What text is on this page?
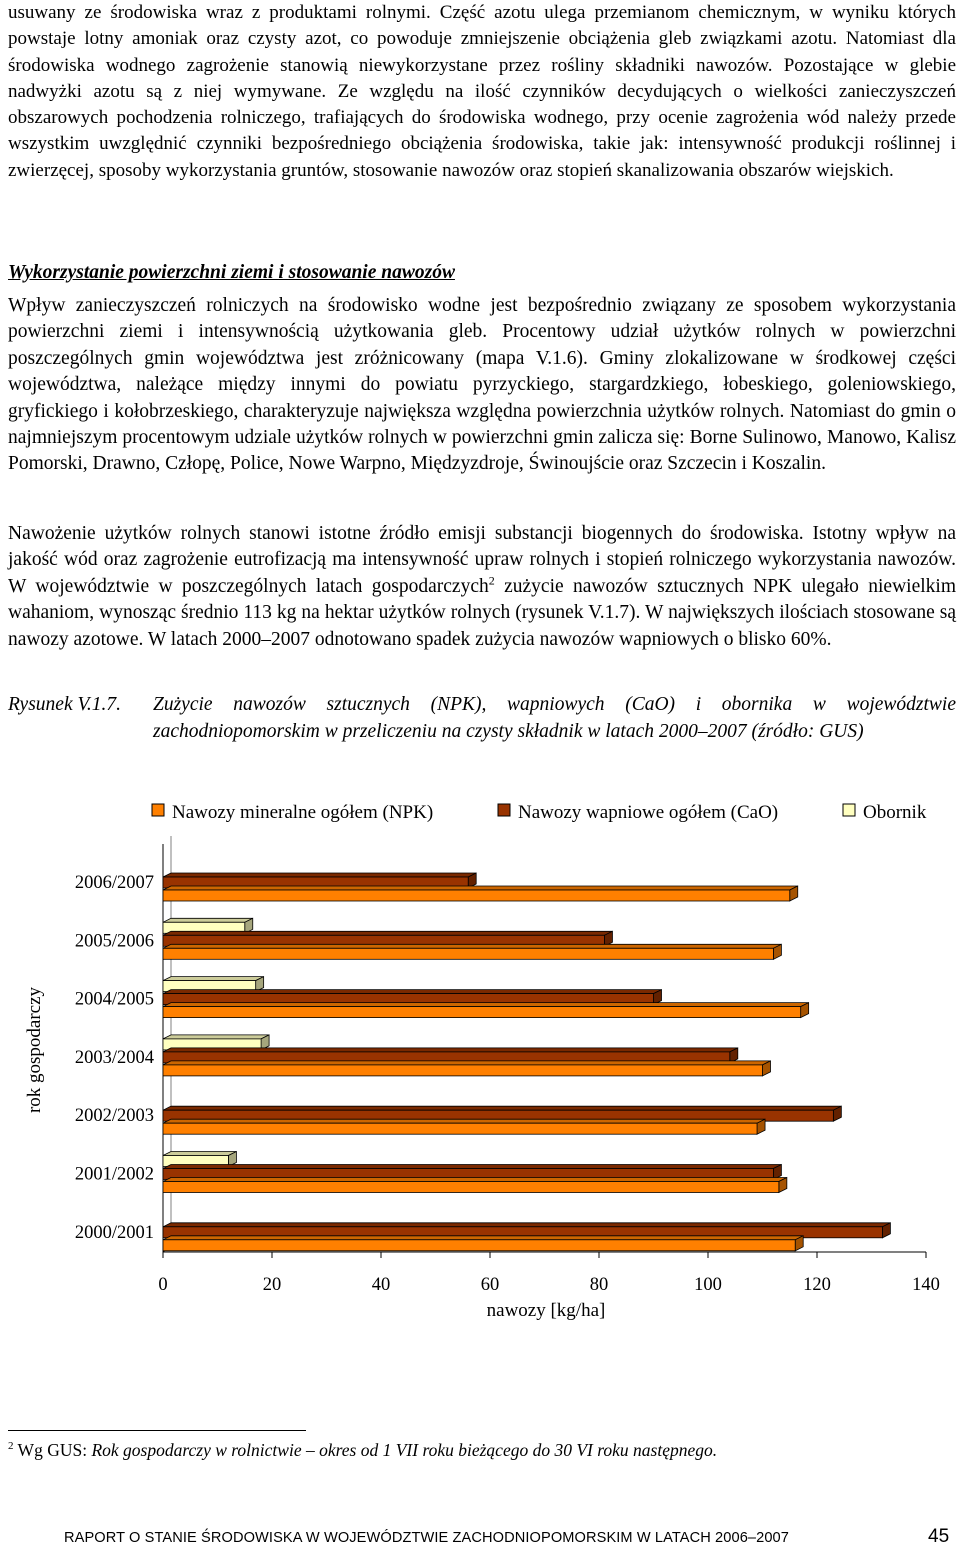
usuwany ze środowiska wraz z produktami rolnymi. Część azotu ulega przemianom chemicznym, w wyniku których powstaje lotny amoniak oraz czysty azot, co powoduje zmniejszenie obciążenia gleb związkami azotu. Natomiast dla środowiska wodnego zagrożenie stanowią niewykorzystane przez rośliny składniki nawozów. Pozostające w glebie nadwyżki azotu są z niej wymywane. Ze względu na ilość czynników decydujących o wielkości zanieczyszczeń obszarowych pochodzenia rolniczego, trafiających do środowiska wodnego, przy ocenie zagrożenia wód należy przede wszystkim uwzględnić czynniki bezpośredniego obciążenia środowiska, takie jak: intensywność produkcji roślinnej i zwierzęcej, sposoby wykorzystania gruntów, stosowanie nawozów oraz stopień skanalizowania obszarów wiejskich.

Wykorzystanie powierzchni ziemi i stosowanie nawozów

Wpływ zanieczyszczeń rolniczych na środowisko wodne jest bezpośrednio związany ze sposobem wykorzystania powierzchni ziemi i intensywnością użytkowania gleb. Procentowy udział użytków rolnych w powierzchni poszczególnych gmin województwa jest zróżnicowany (mapa V.1.6). Gminy zlokalizowane w środkowej części województwa, należące między innymi do powiatu pyrzyckiego, stargardzkiego, łobeskiego, goleniowskiego, gryfickiego i kołobrzeskiego, charakteryzuje największa względna powierzchnia użytków rolnych. Natomiast do gmin o najmniejszym procentowym udziale użytków rolnych w powierzchni gmin zalicza się: Borne Sulinowo, Manowo, Kalisz Pomorski, Drawno, Człopę, Police, Nowe Warpno, Międzyzdroje, Świnoujście oraz Szczecin i Koszalin.

Nawożenie użytków rolnych stanowi istotne źródło emisji substancji biogennych do środowiska. Istotny wpływ na jakość wód oraz zagrożenie eutrofizacją ma intensywność upraw rolnych i stopień rolniczego wykorzystania nawozów. W województwie w poszczególnych latach gospodarczych$^2$ zużycie nawozów sztucznych NPK ulegało niewielkim wahaniom, wynosząc średnio 113 kg na hektar użytków rolnych (rysunek V.1.7). W największych ilościach stosowane są nawozy azotowe. W latach 2000–2007 odnotowano spadek zużycia nawozów wapniowych o blisko 60%.

Rysunek V.1.7. Zużycie nawozów sztucznych (NPK), wapniowych (CaO) i obornika w województwie zachodniopomorskim w przeliczeniu na czysty składnik w latach 2000–2007 (źródło: GUS)
Nawozy mineralne ogółem (NPK)	Nawozy wapniowe ogółem (CaO)	Obornik
2006/2007
2005/2006
2004/2005
2003/2004
2002/2003
2001/2002
2000/2001
0	20	40	60	80	100	120	140
nawozy [kg/ha]
rok gospodarczy
$^2$ Wg GUS: Rok gospodarczy w rolnictwie – okres od 1 VII roku bieżącego do 30 VI roku następnego.
RAPORT O STANIE ŚRODOWISKA W WOJEWÓDZTWIE ZACHODNIOPOMORSKIM W LATACH 2006–2007	45
